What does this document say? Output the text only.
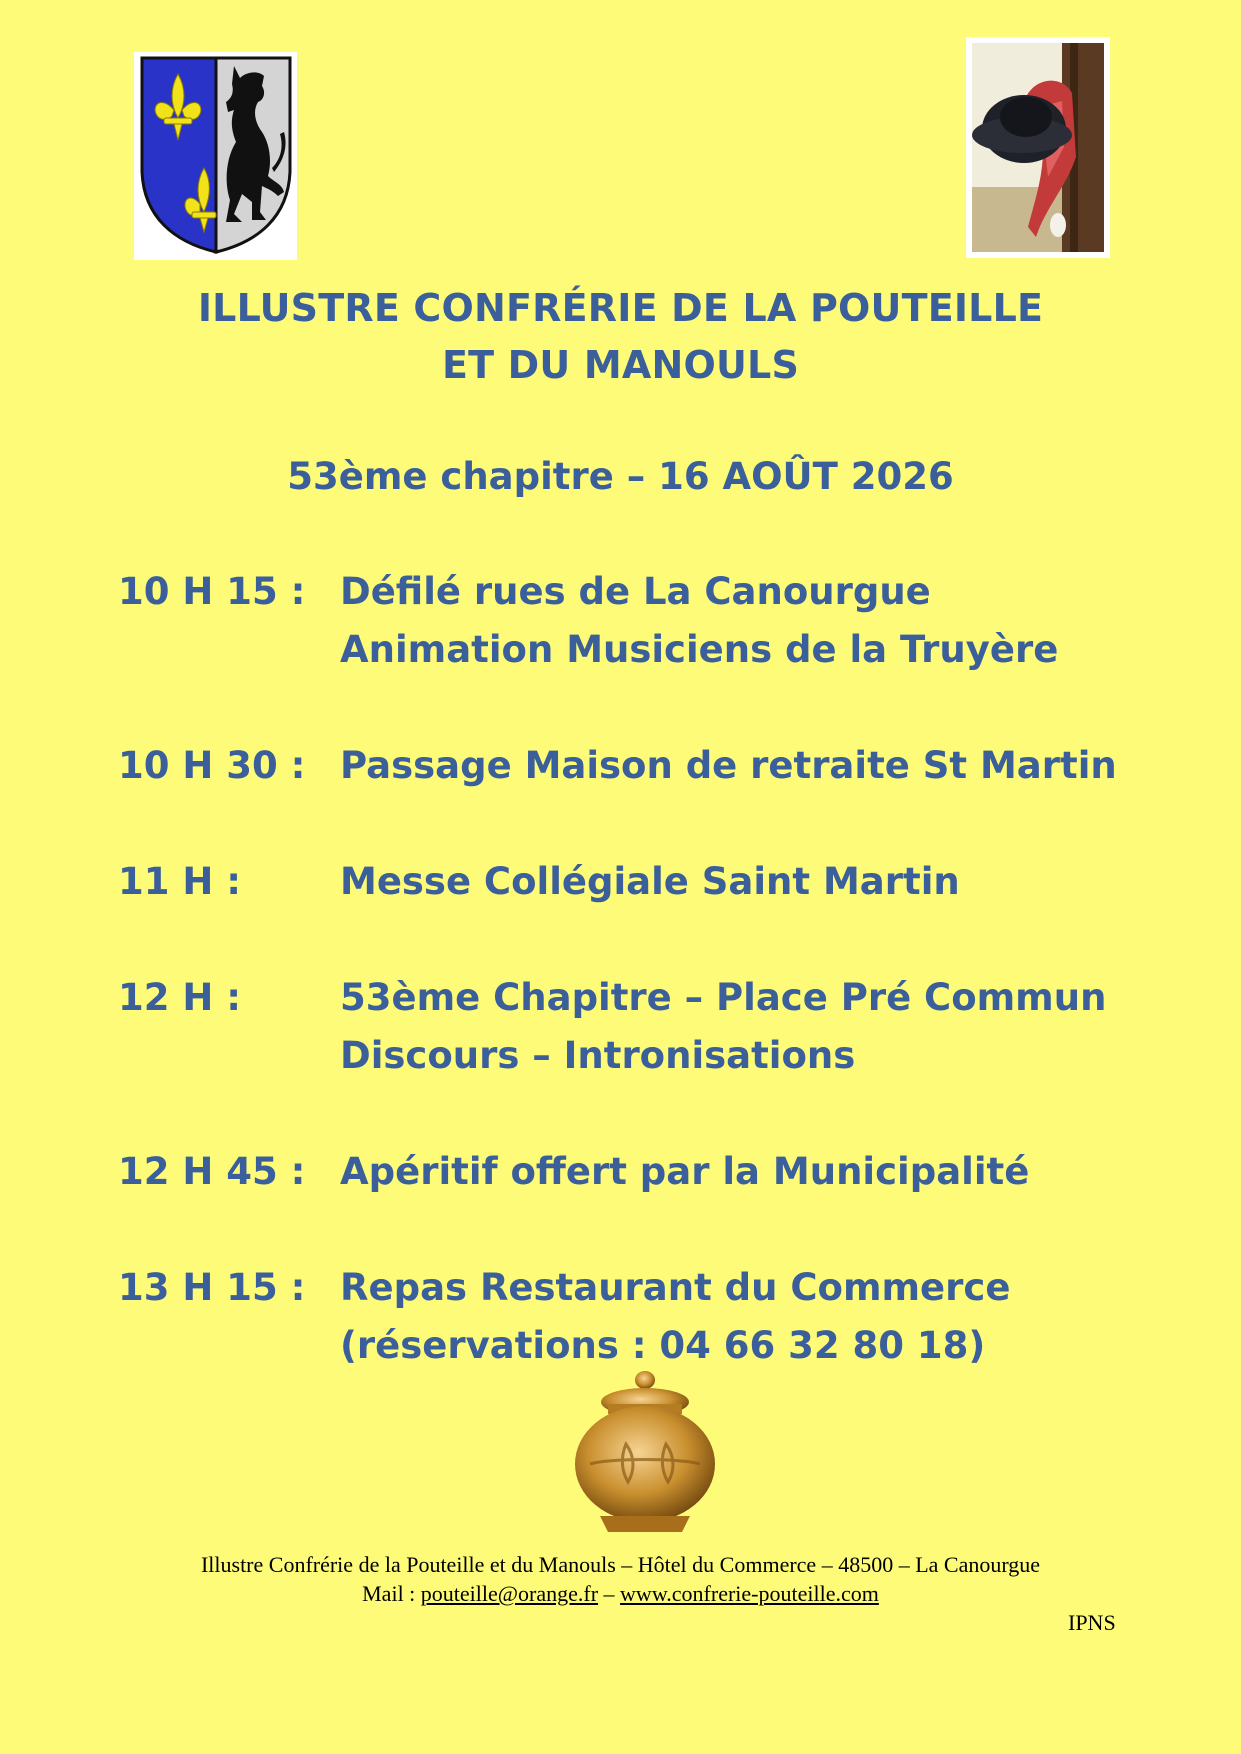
ILLUSTRE CONFRÉRIE DE LA POUTEILLE
ET DU MANOULS
53ème chapitre – 16 AOÛT 2026
10 H 15 : Défilé rues de La Canourgue
Animation Musiciens de la Truyère
10 H 30 : Passage Maison de retraite St Martin
11 H :	Messe Collégiale Saint Martin
12 H :	53ème Chapitre – Place Pré Commun
Discours – Intronisations
12 H 45 : Apéritif offert par la Municipalité
13 H 15 : Repas Restaurant du Commerce
(réservations : 04 66 32 80 18)
Illustre Confrérie de la Pouteille et du Manouls – Hôtel du Commerce – 48500 – La Canourgue
Mail : pouteille@orange.fr – www.confrerie-pouteille.com
IPNS
